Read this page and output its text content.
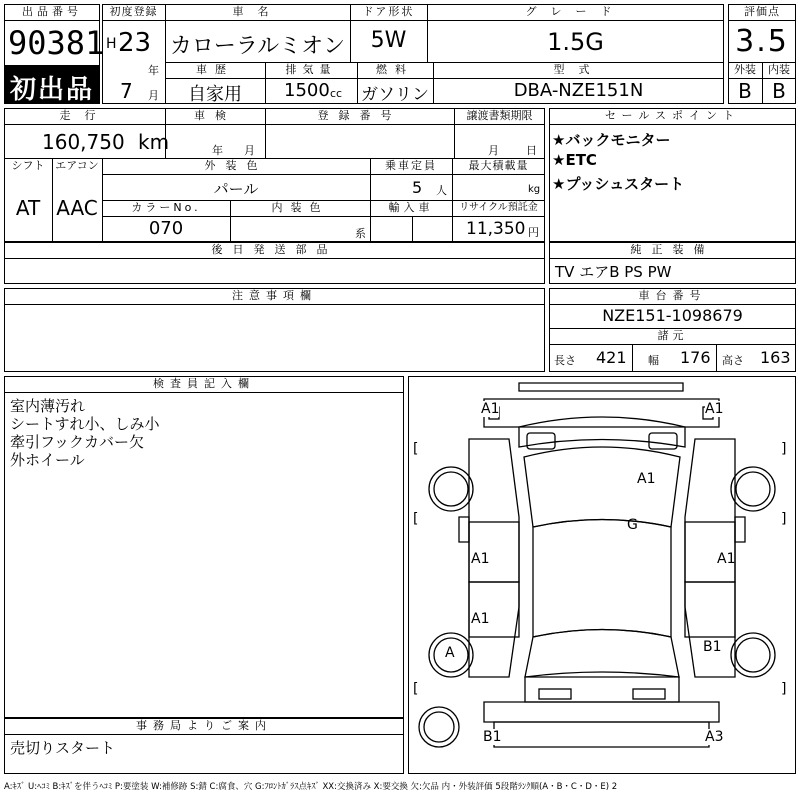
出品番号
90381
初出品
初度登録
H 23
年
7 月
車名
カローラルミオン
ドア形状
5W
グレード
1.5G
車歴
自家用
排気量
1500 cc
燃料
ガソリン
型式
DBA-NZE151N
評価点
3.5
外装	内装
B	B
走行
160,750 km
車検
年 月
登録番号	譲渡書類期限
月 日
シフト
AT
エアコン
AAC
外装色
パール
乗車定員
5 人
最大積載量
kg
カラーNo.
070
内装色
系
輸入車	リサイクル預託金
11,350 円
セールスポイント
★バックモニター
★ETC
★プッシュスタート
後日発送部品	純正装備
TV エアB PS PW
注意事項欄	車台番号
NZE151-1098679
諸元
長さ 421 幅 176 高さ 163
検査員記入欄
室内薄汚れ
シートすれ小、しみ小
牽引フックカバー欠
外ホイール
事務局よりご案内
売切りスタート
[	]
[	]
[	]
A1	A1
A1
G
A1	A1
A1
A	B1
B1	A3
A:ｷｽﾞ U:ﾍｺﾐ B:ｷｽﾞを伴うﾍｺﾐ P:要塗装 W:補修跡 S:錆 C:腐食、穴 G:ﾌﾛﾝﾄｶﾞﾗｽ点ｷｽﾞ XX:交換済み X:要交換 欠:欠品 内・外装評価 5段階ﾗﾝｸ順(A・B・C・D・E) 2
